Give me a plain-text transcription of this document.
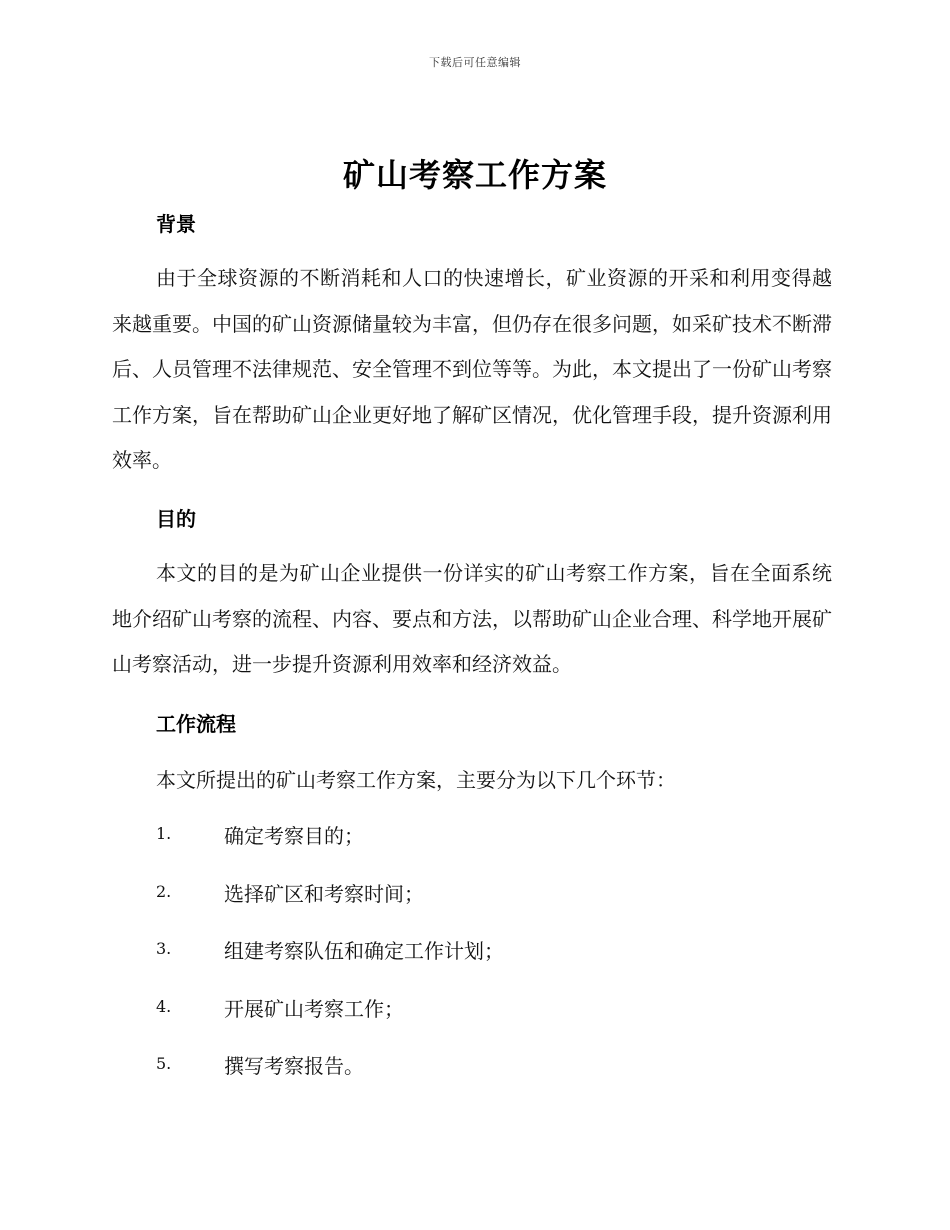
下载后可任意编辑
矿山考察工作方案
背景

由于全球资源的不断消耗和人口的快速增长，矿业资源的开采和利用变得越来越重要。中国的矿山资源储量较为丰富，但仍存在很多问题，如采矿技术不断滞后、人员管理不法律规范、安全管理不到位等等。为此，本文提出了一份矿山考察工作方案，旨在帮助矿山企业更好地了解矿区情况，优化管理手段，提升资源利用效率。

目的

本文的目的是为矿山企业提供一份详实的矿山考察工作方案，旨在全面系统地介绍矿山考察的流程、内容、要点和方法，以帮助矿山企业合理、科学地开展矿山考察活动，进一步提升资源利用效率和经济效益。

工作流程

本文所提出的矿山考察工作方案，主要分为以下几个环节：

1.	确定考察目的；
2.	选择矿区和考察时间；
3.	组建考察队伍和确定工作计划；
4.	开展矿山考察工作；
5.	撰写考察报告。
